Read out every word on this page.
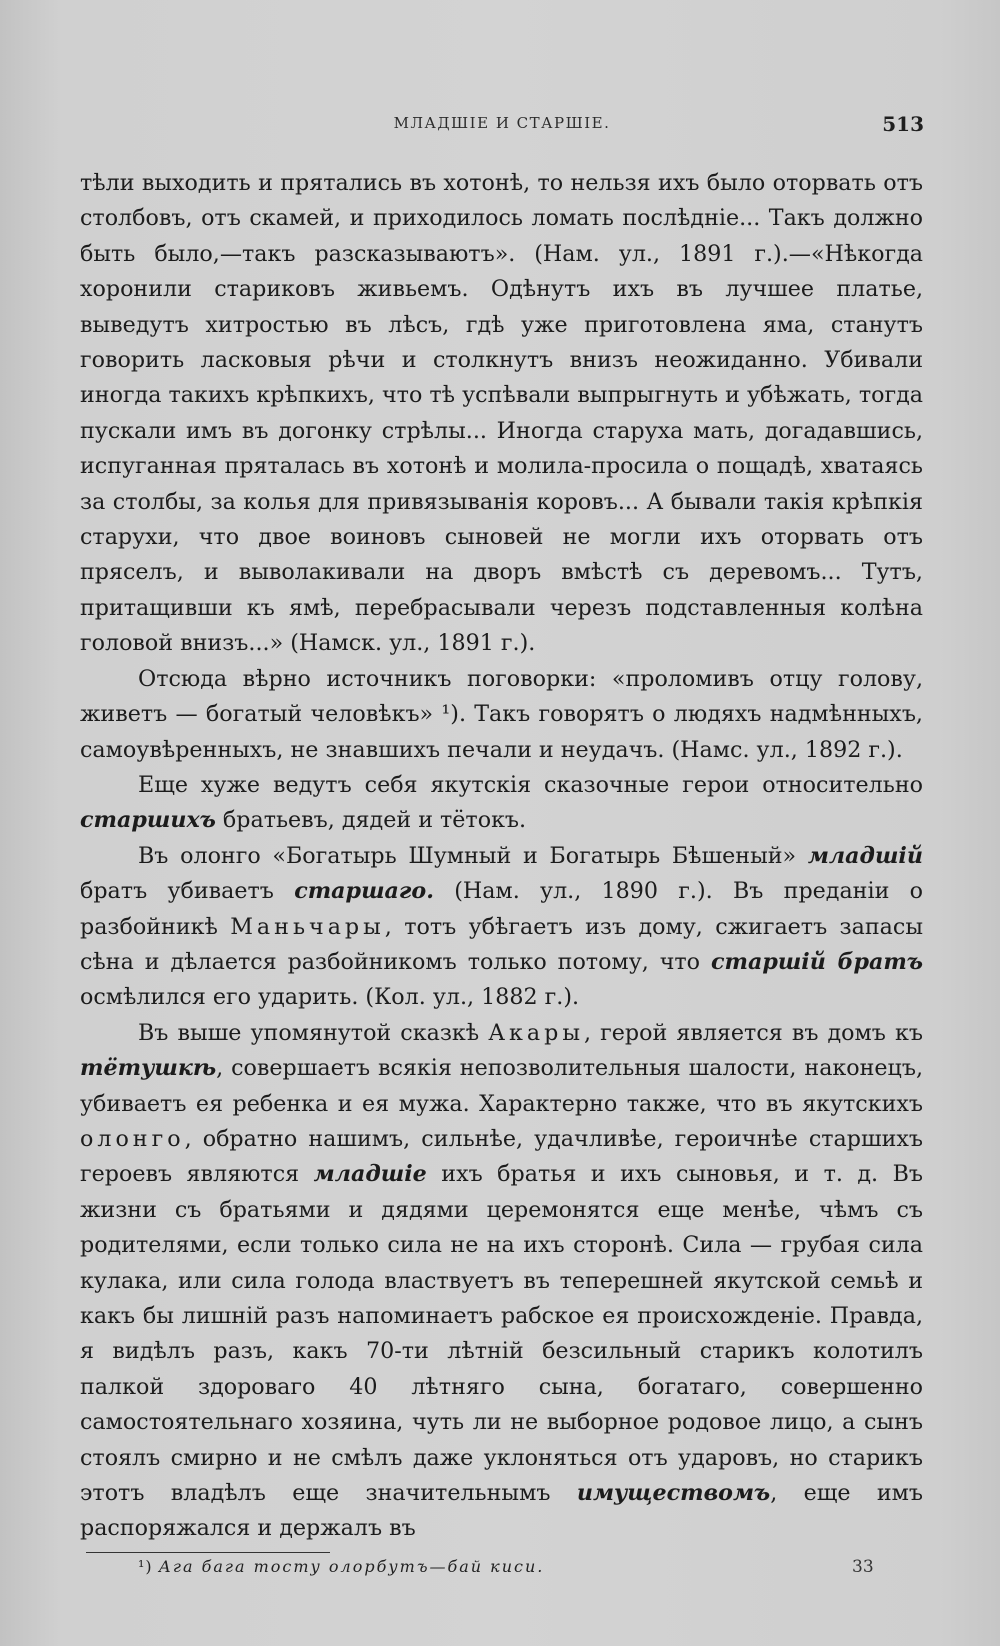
МЛАДШІЕ И СТАРШІЕ.	513

тѣли выходить и прятались въ хотонѣ, то нельзя ихъ было оторвать отъ столбовъ, отъ скамей, и приходилось ломать послѣдніе... Такъ должно быть было,—такъ разсказываютъ». (Нам. ул., 1891 г.).—«Нѣкогда хоронили стариковъ живьемъ. Одѣнутъ ихъ въ лучшее платье, выведутъ хитростью въ лѣсъ, гдѣ уже приготовлена яма, станутъ говорить ласковыя рѣчи и столкнутъ внизъ неожиданно. Убивали иногда такихъ крѣпкихъ, что тѣ успѣвали выпрыгнуть и убѣжать, тогда пускали имъ въ догонку стрѣлы... Иногда старуха мать, догадавшись, испуганная пряталась въ хотонѣ и молила-просила о пощадѣ, хватаясь за столбы, за колья для привязыванія коровъ... А бывали такія крѣпкія старухи, что двое воиновъ сыновей не могли ихъ оторвать отъ пряселъ, и выволакивали на дворъ вмѣстѣ съ деревомъ... Тутъ, притащивши къ ямѣ, перебрасывали черезъ подставленныя колѣна головой внизъ...» (Намск. ул., 1891 г.).

Отсюда вѣрно источникъ поговорки: «проломивъ отцу голову, живетъ — богатый человѣкъ» ¹). Такъ говорятъ о людяхъ надмѣнныхъ, самоувѣренныхъ, не знавшихъ печали и неудачъ. (Намс. ул., 1892 г.).

Еще хуже ведутъ себя якутскія сказочные герои относительно старшихъ братьевъ, дядей и тётокъ.

Въ олонго «Богатырь Шумный и Богатырь Бѣшеный» младшій братъ убиваетъ старшаго. (Нам. ул., 1890 г.). Въ преданіи о разбойникѣ Маньчары, тотъ убѣгаетъ изъ дому, сжигаетъ запасы сѣна и дѣлается разбойникомъ только потому, что старшій братъ осмѣлился его ударить. (Кол. ул., 1882 г.).

Въ выше упомянутой сказкѣ Акары, герой является въ домъ къ тётушкѣ, совершаетъ всякія непозволительныя шалости, наконецъ, убиваетъ ея ребенка и ея мужа. Характерно также, что въ якутскихъ олонго, обратно нашимъ, сильнѣе, удачливѣе, героичнѣе старшихъ героевъ являются младшіе ихъ братья и ихъ сыновья, и т. д. Въ жизни съ братьями и дядями церемонятся еще менѣе, чѣмъ съ родителями, если только сила не на ихъ сторонѣ. Сила — грубая сила кулака, или сила голода властвуетъ въ теперешней якутской семьѣ и какъ бы лишній разъ напоминаетъ рабское ея происхожденіе. Правда, я видѣлъ разъ, какъ 70-ти лѣтній безсильный старикъ колотилъ палкой здороваго 40 лѣтняго сына, богатаго, совершенно самостоятельнаго хозяина, чуть ли не выборное родовое лицо, а сынъ стоялъ смирно и не смѣлъ даже уклоняться отъ ударовъ, но старикъ этотъ владѣлъ еще значительнымъ имуществомъ, еще имъ распоряжался и держалъ въ

¹) Ага бага тосту олорбутъ—бай киси.	33
